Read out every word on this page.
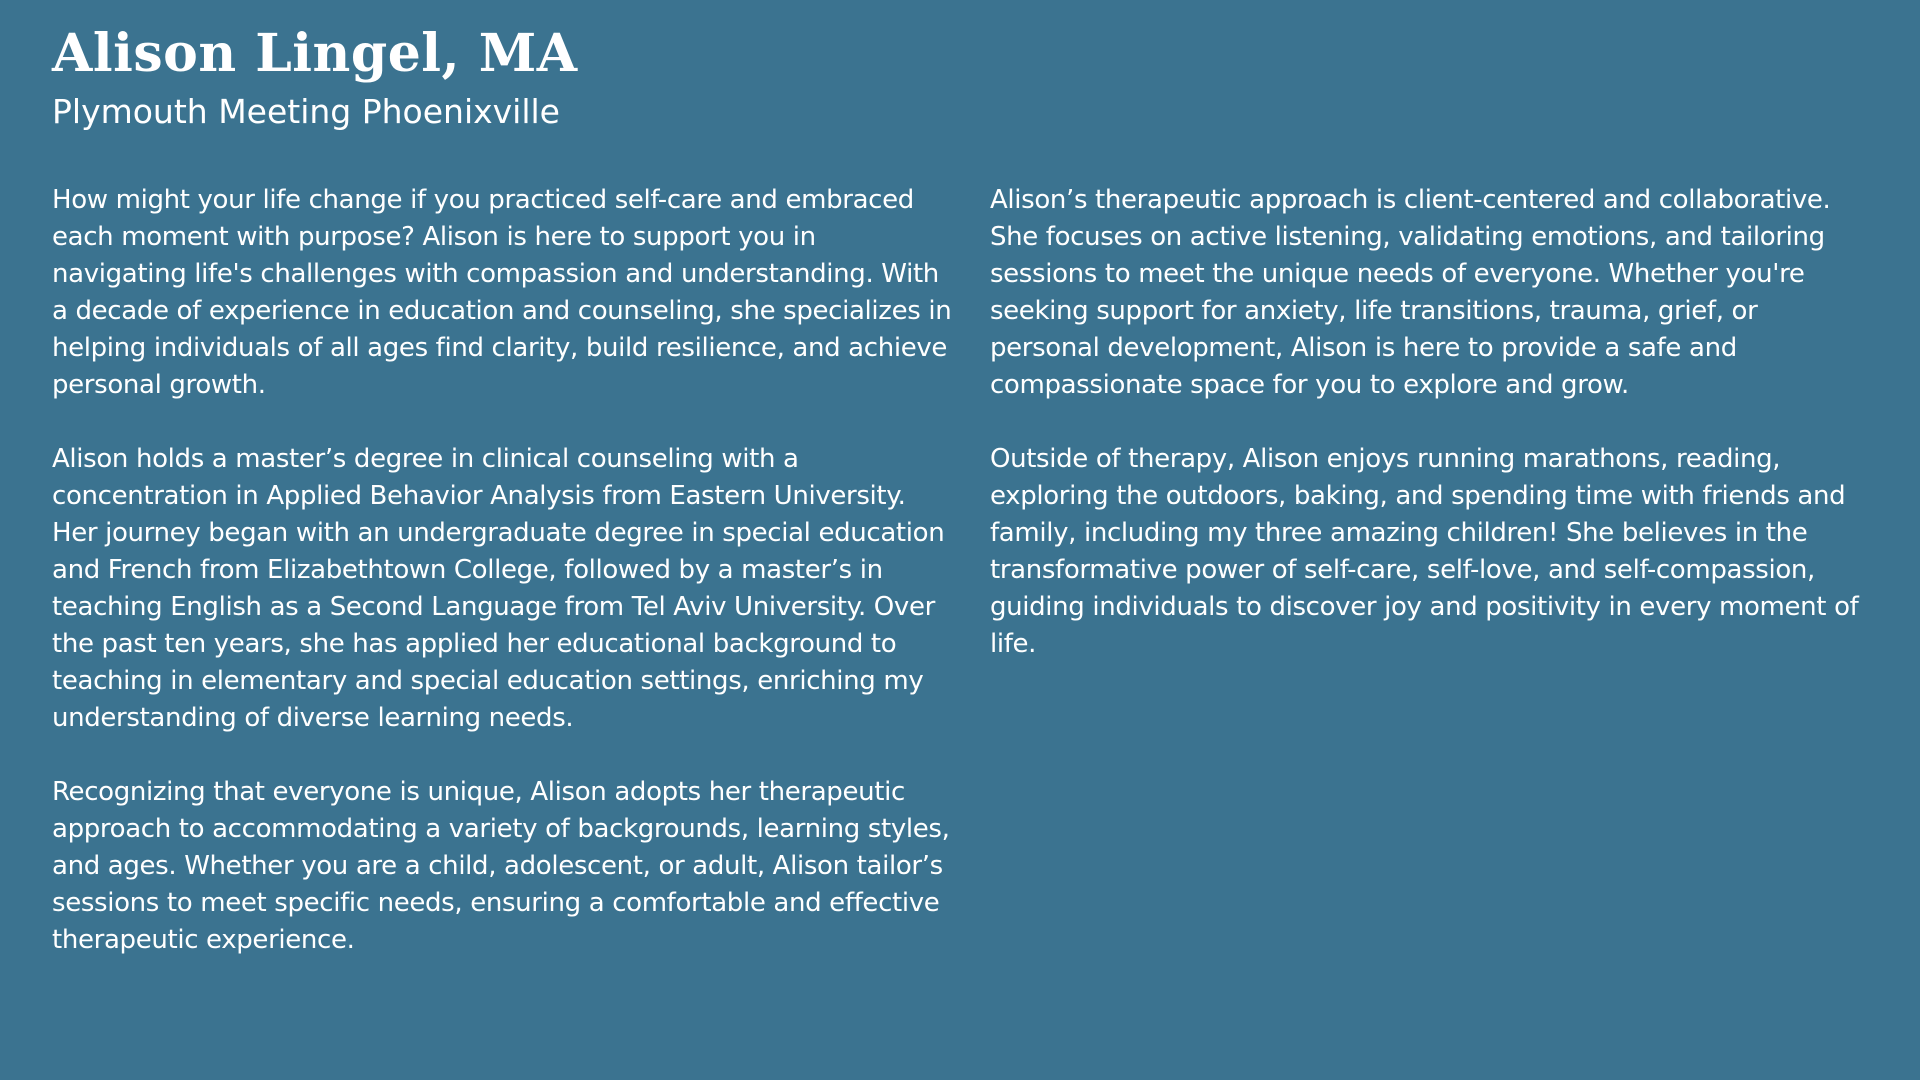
Alison Lingel, MA
Plymouth Meeting Phoenixville

How might your life change if you practiced self-care and embraced each moment with purpose? Alison is here to support you in navigating life's challenges with compassion and understanding. With a decade of experience in education and counseling, she specializes in helping individuals of all ages find clarity, build resilience, and achieve personal growth.

Alison holds a master’s degree in clinical counseling with a concentration in Applied Behavior Analysis from Eastern University. Her journey began with an undergraduate degree in special education and French from Elizabethtown College, followed by a master’s in teaching English as a Second Language from Tel Aviv University. Over the past ten years, she has applied her educational background to teaching in elementary and special education settings, enriching my understanding of diverse learning needs.

Recognizing that everyone is unique, Alison adopts her therapeutic approach to accommodating a variety of backgrounds, learning styles, and ages. Whether you are a child, adolescent, or adult, Alison tailor’s sessions to meet specific needs, ensuring a comfortable and effective therapeutic experience.

Alison’s therapeutic approach is client-centered and collaborative. She focuses on active listening, validating emotions, and tailoring sessions to meet the unique needs of everyone. Whether you're seeking support for anxiety, life transitions, trauma, grief, or personal development, Alison is here to provide a safe and compassionate space for you to explore and grow.

Outside of therapy, Alison enjoys running marathons, reading, exploring the outdoors, baking, and spending time with friends and family, including my three amazing children! She believes in the transformative power of self-care, self-love, and self-compassion, guiding individuals to discover joy and positivity in every moment of life.
